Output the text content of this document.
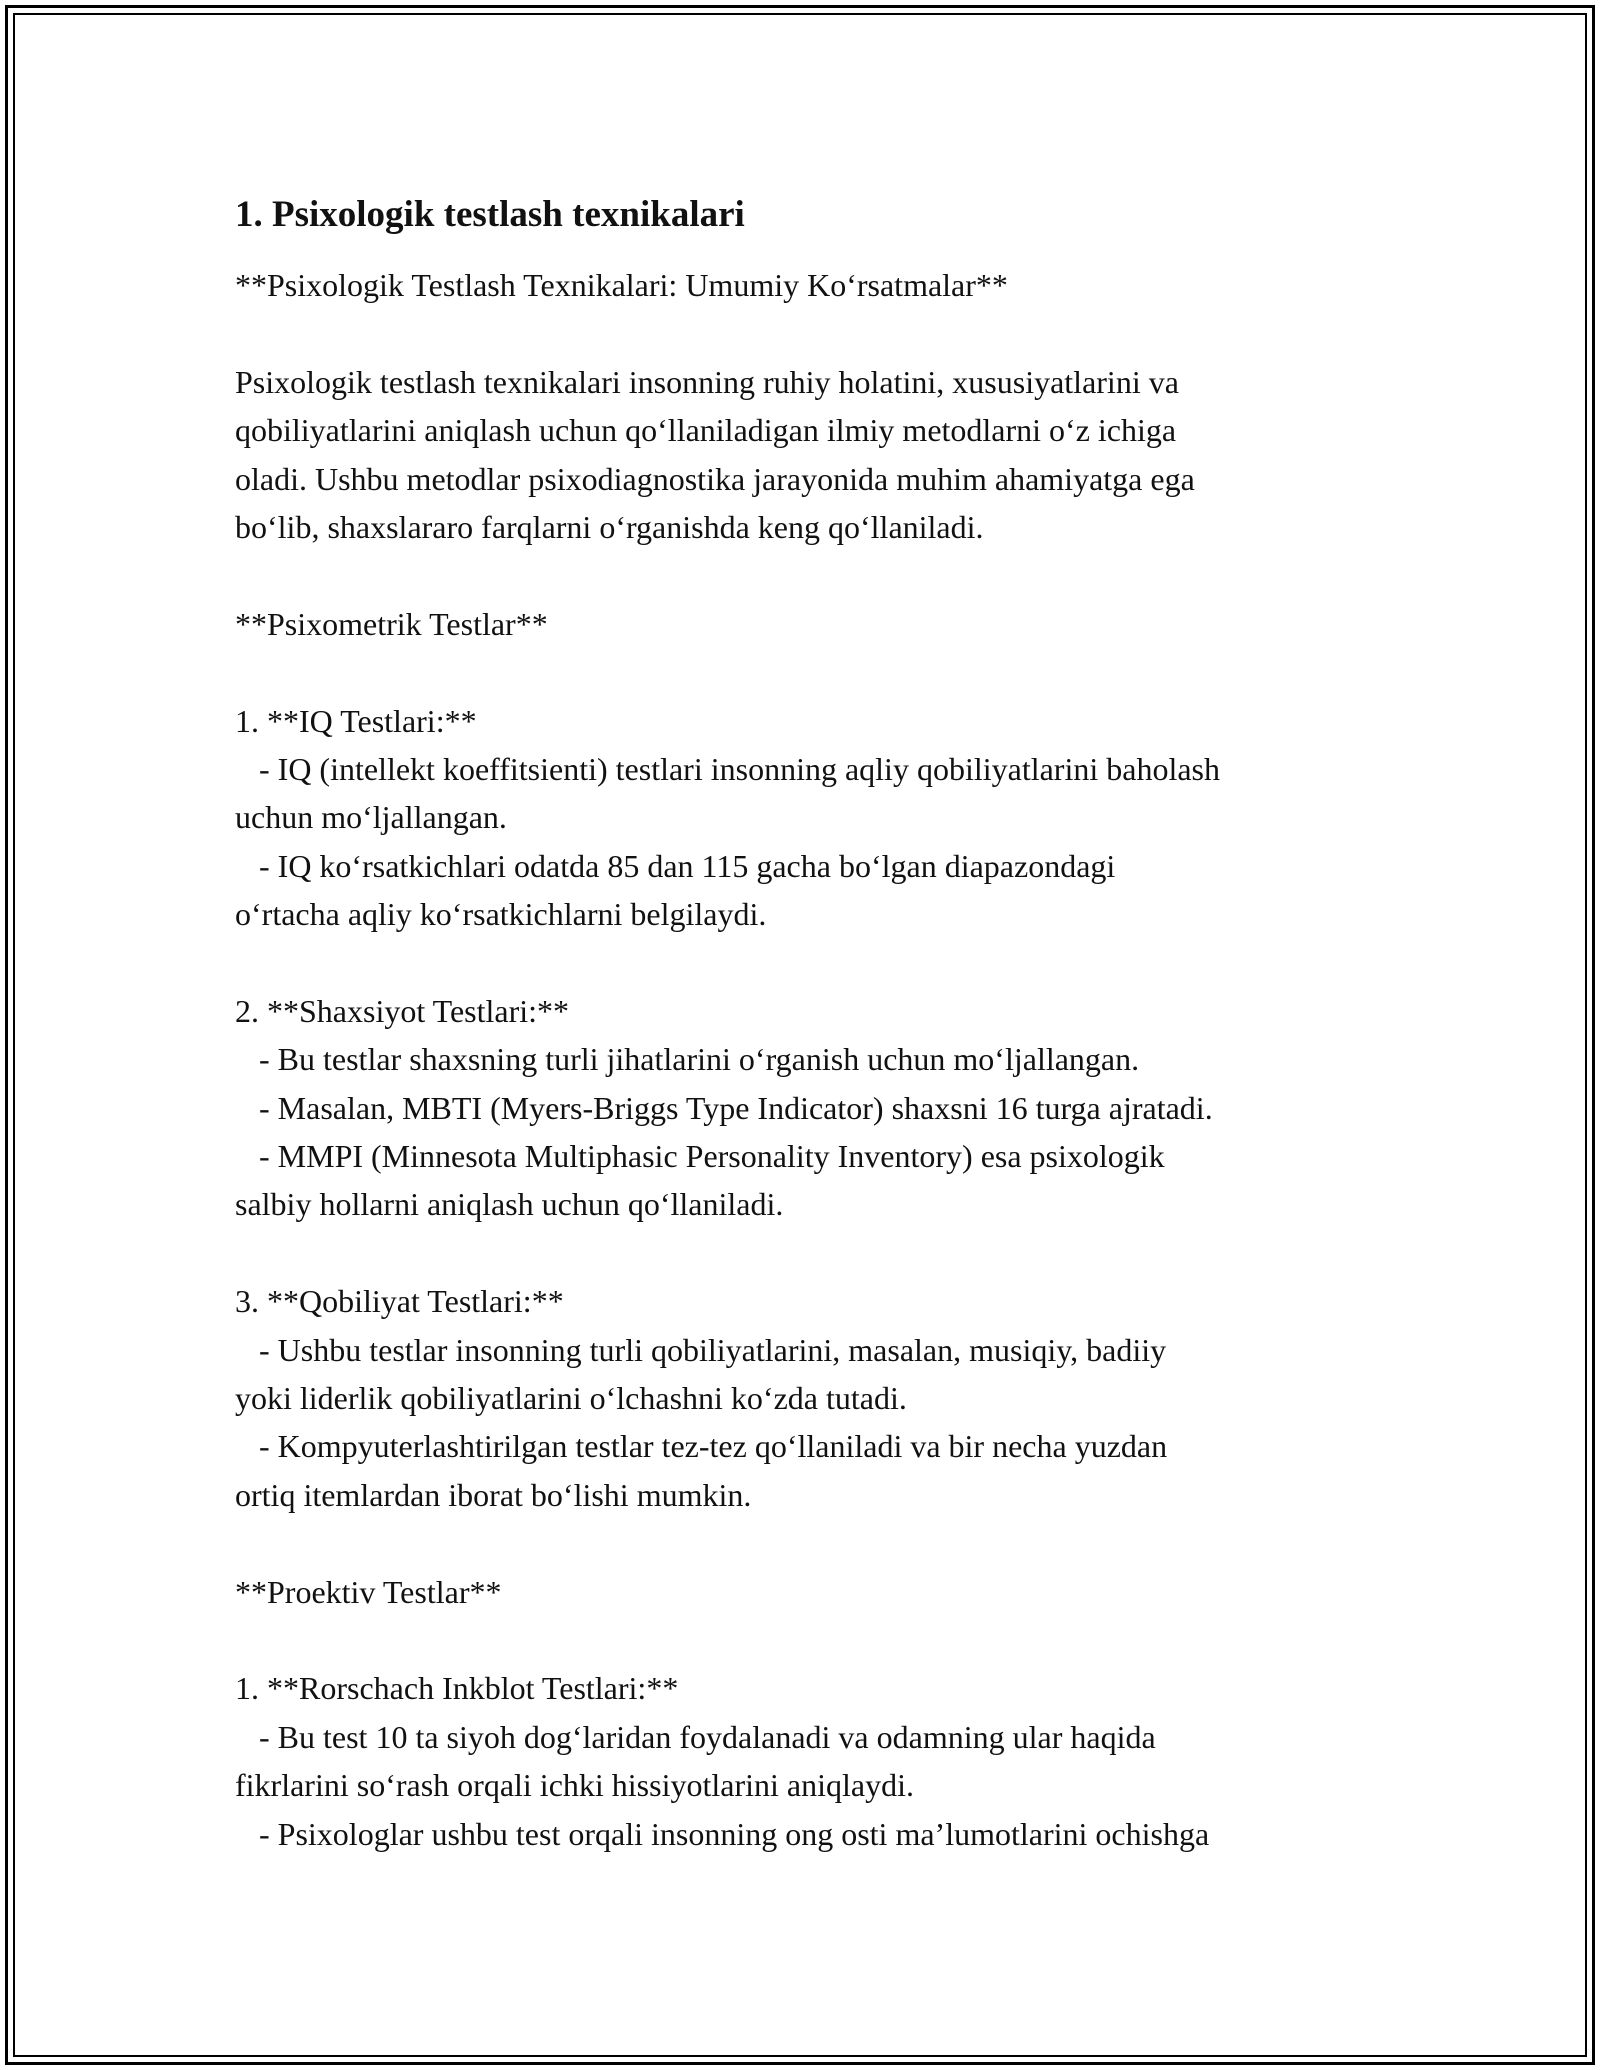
1. Psixologik testlash texnikalari
**Psixologik Testlash Texnikalari: Umumiy Ko‘rsatmalar**
Psixologik testlash texnikalari insonning ruhiy holatini, xususiyatlarini va
qobiliyatlarini aniqlash uchun qo‘llaniladigan ilmiy metodlarni o‘z ichiga
oladi. Ushbu metodlar psixodiagnostika jarayonida muhim ahamiyatga ega
bo‘lib, shaxslararo farqlarni o‘rganishda keng qo‘llaniladi.
**Psixometrik Testlar**
1. **IQ Testlari:**
- IQ (intellekt koeffitsienti) testlari insonning aqliy qobiliyatlarini baholash
uchun mo‘ljallangan.
- IQ ko‘rsatkichlari odatda 85 dan 115 gacha bo‘lgan diapazondagi
o‘rtacha aqliy ko‘rsatkichlarni belgilaydi.
2. **Shaxsiyot Testlari:**
- Bu testlar shaxsning turli jihatlarini o‘rganish uchun mo‘ljallangan.
- Masalan, MBTI (Myers-Briggs Type Indicator) shaxsni 16 turga ajratadi.
- MMPI (Minnesota Multiphasic Personality Inventory) esa psixologik
salbiy hollarni aniqlash uchun qo‘llaniladi.
3. **Qobiliyat Testlari:**
- Ushbu testlar insonning turli qobiliyatlarini, masalan, musiqiy, badiiy
yoki liderlik qobiliyatlarini o‘lchashni ko‘zda tutadi.
- Kompyuterlashtirilgan testlar tez-tez qo‘llaniladi va bir necha yuzdan
ortiq itemlardan iborat bo‘lishi mumkin.
**Proektiv Testlar**
1. **Rorschach Inkblot Testlari:**
- Bu test 10 ta siyoh dog‘laridan foydalanadi va odamning ular haqida
fikrlarini so‘rash orqali ichki hissiyotlarini aniqlaydi.
- Psixologlar ushbu test orqali insonning ong osti ma’lumotlarini ochishga
